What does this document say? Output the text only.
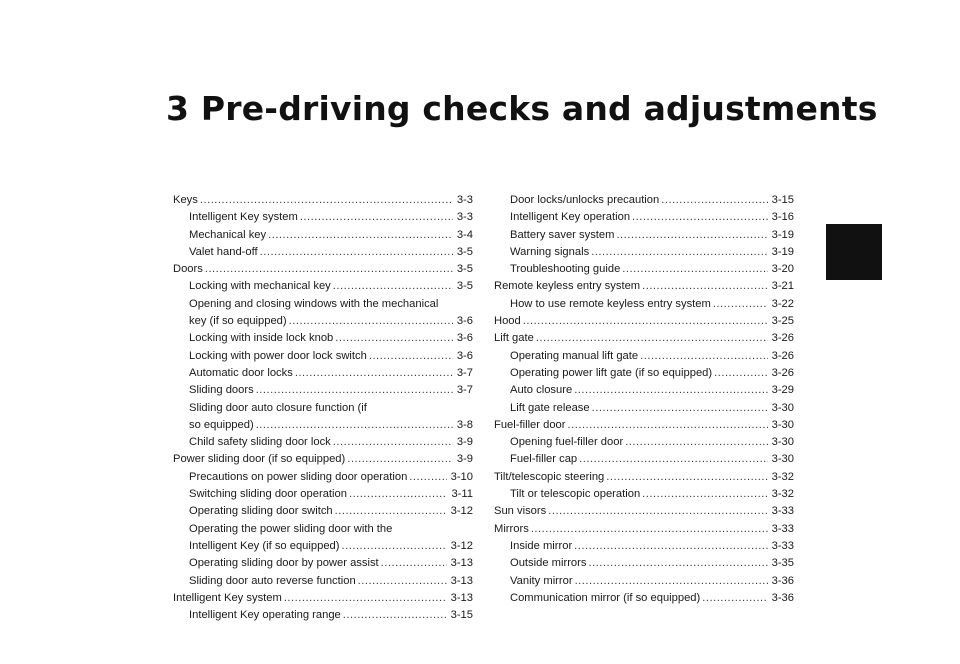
3 Pre-driving checks and adjustments
Keys .....	3-3
Intelligent Key system .....	3-3
Mechanical key .....	3-4
Valet hand-off .....	3-5
Doors .....	3-5
Locking with mechanical key .....	3-5
Opening and closing windows with the mechanical
key (if so equipped) .....	3-6
Locking with inside lock knob .....	3-6
Locking with power door lock switch .....	3-6
Automatic door locks .....	3-7
Sliding doors .....	3-7
Sliding door auto closure function (if
so equipped) .....	3-8
Child safety sliding door lock .....	3-9
Power sliding door (if so equipped) .....	3-9
Precautions on power sliding door operation .....	3-10
Switching sliding door operation .....	3-11
Operating sliding door switch .....	3-12
Operating the power sliding door with the
Intelligent Key (if so equipped) .....	3-12
Operating sliding door by power assist .....	3-13
Sliding door auto reverse function .....	3-13
Intelligent Key system .....	3-13
Intelligent Key operating range .....	3-15
Door locks/unlocks precaution .....	3-15
Intelligent Key operation .....	3-16
Battery saver system .....	3-19
Warning signals .....	3-19
Troubleshooting guide .....	3-20
Remote keyless entry system .....	3-21
How to use remote keyless entry system .....	3-22
Hood .....	3-25
Lift gate .....	3-26
Operating manual lift gate .....	3-26
Operating power lift gate (if so equipped) .....	3-26
Auto closure .....	3-29
Lift gate release .....	3-30
Fuel-filler door .....	3-30
Opening fuel-filler door .....	3-30
Fuel-filler cap .....	3-30
Tilt/telescopic steering .....	3-32
Tilt or telescopic operation .....	3-32
Sun visors .....	3-33
Mirrors .....	3-33
Inside mirror .....	3-33
Outside mirrors .....	3-35
Vanity mirror .....	3-36
Communication mirror (if so equipped) .....	3-36
